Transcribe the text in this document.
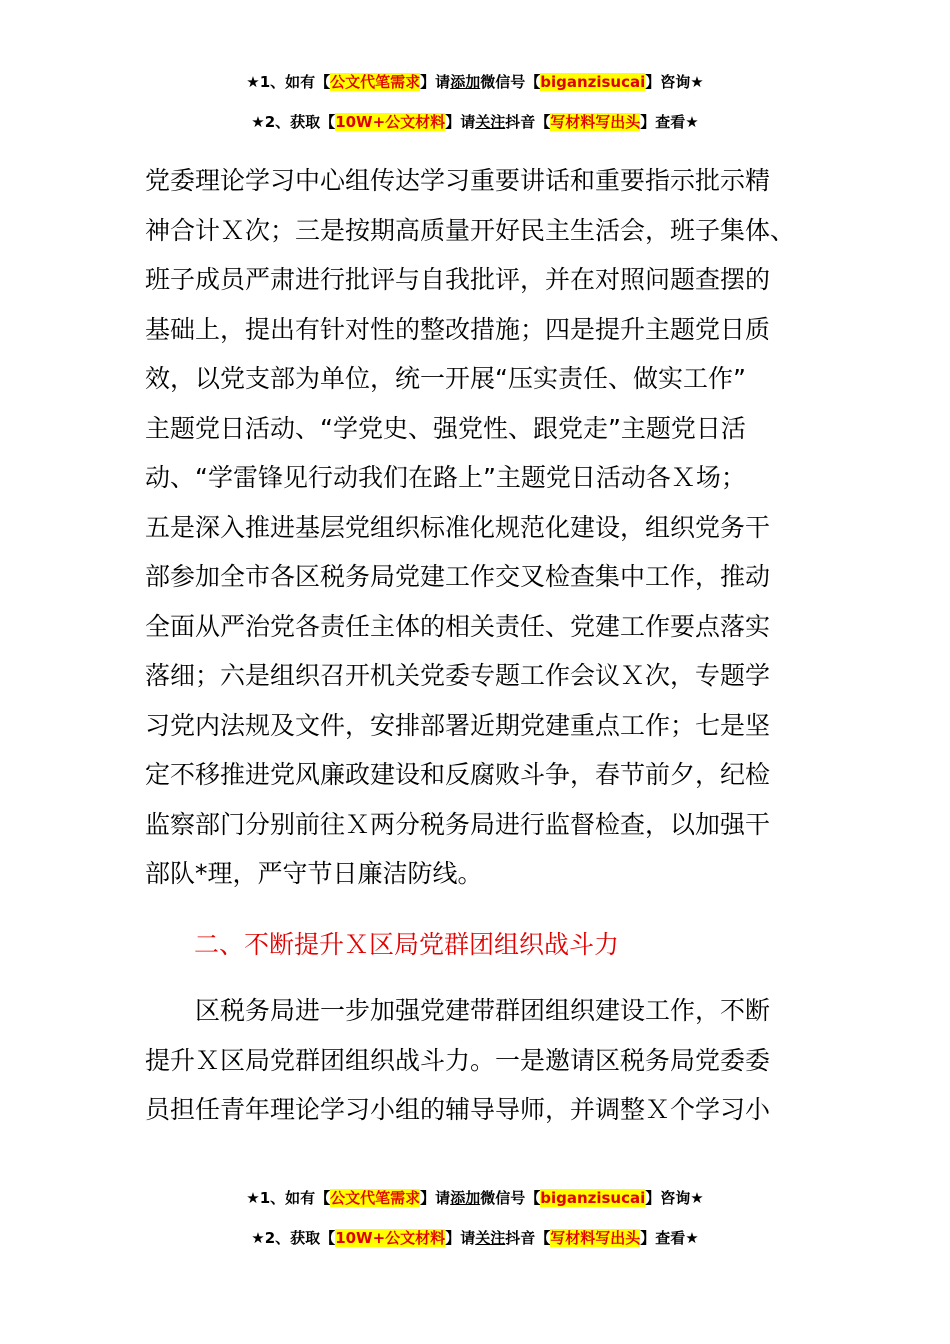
★1、如有【公文代笔需求】请添加微信号【biganzisucai】咨询★
★2、获取【10W+公文材料】请关注抖音【写材料写出头】查看★
党委理论学习中心组传达学习重要讲话和重要指示批示精
神合计Ｘ次；三是按期高质量开好民主生活会，班子集体、
班子成员严肃进行批评与自我批评，并在对照问题查摆的
基础上，提出有针对性的整改措施；四是提升主题党日质
效，以党支部为单位，统一开展“压实责任、做实工作”
主题党日活动、“学党史、强党性、跟党走”主题党日活
动、“学雷锋见行动我们在路上”主题党日活动各Ｘ场；
五是深入推进基层党组织标准化规范化建设，组织党务干
部参加全市各区税务局党建工作交叉检查集中工作，推动
全面从严治党各责任主体的相关责任、党建工作要点落实
落细；六是组织召开机关党委专题工作会议Ｘ次，专题学
习党内法规及文件，安排部署近期党建重点工作；七是坚
定不移推进党风廉政建设和反腐败斗争，春节前夕，纪检
监察部门分别前往Ｘ两分税务局进行监督检查，以加强干
部队*理，严守节日廉洁防线。
二、不断提升Ｘ区局党群团组织战斗力
　　区税务局进一步加强党建带群团组织建设工作，不断
提升Ｘ区局党群团组织战斗力。一是邀请区税务局党委委
员担任青年理论学习小组的辅导导师，并调整Ｘ个学习小
★1、如有【公文代笔需求】请添加微信号【biganzisucai】咨询★
★2、获取【10W+公文材料】请关注抖音【写材料写出头】查看★
